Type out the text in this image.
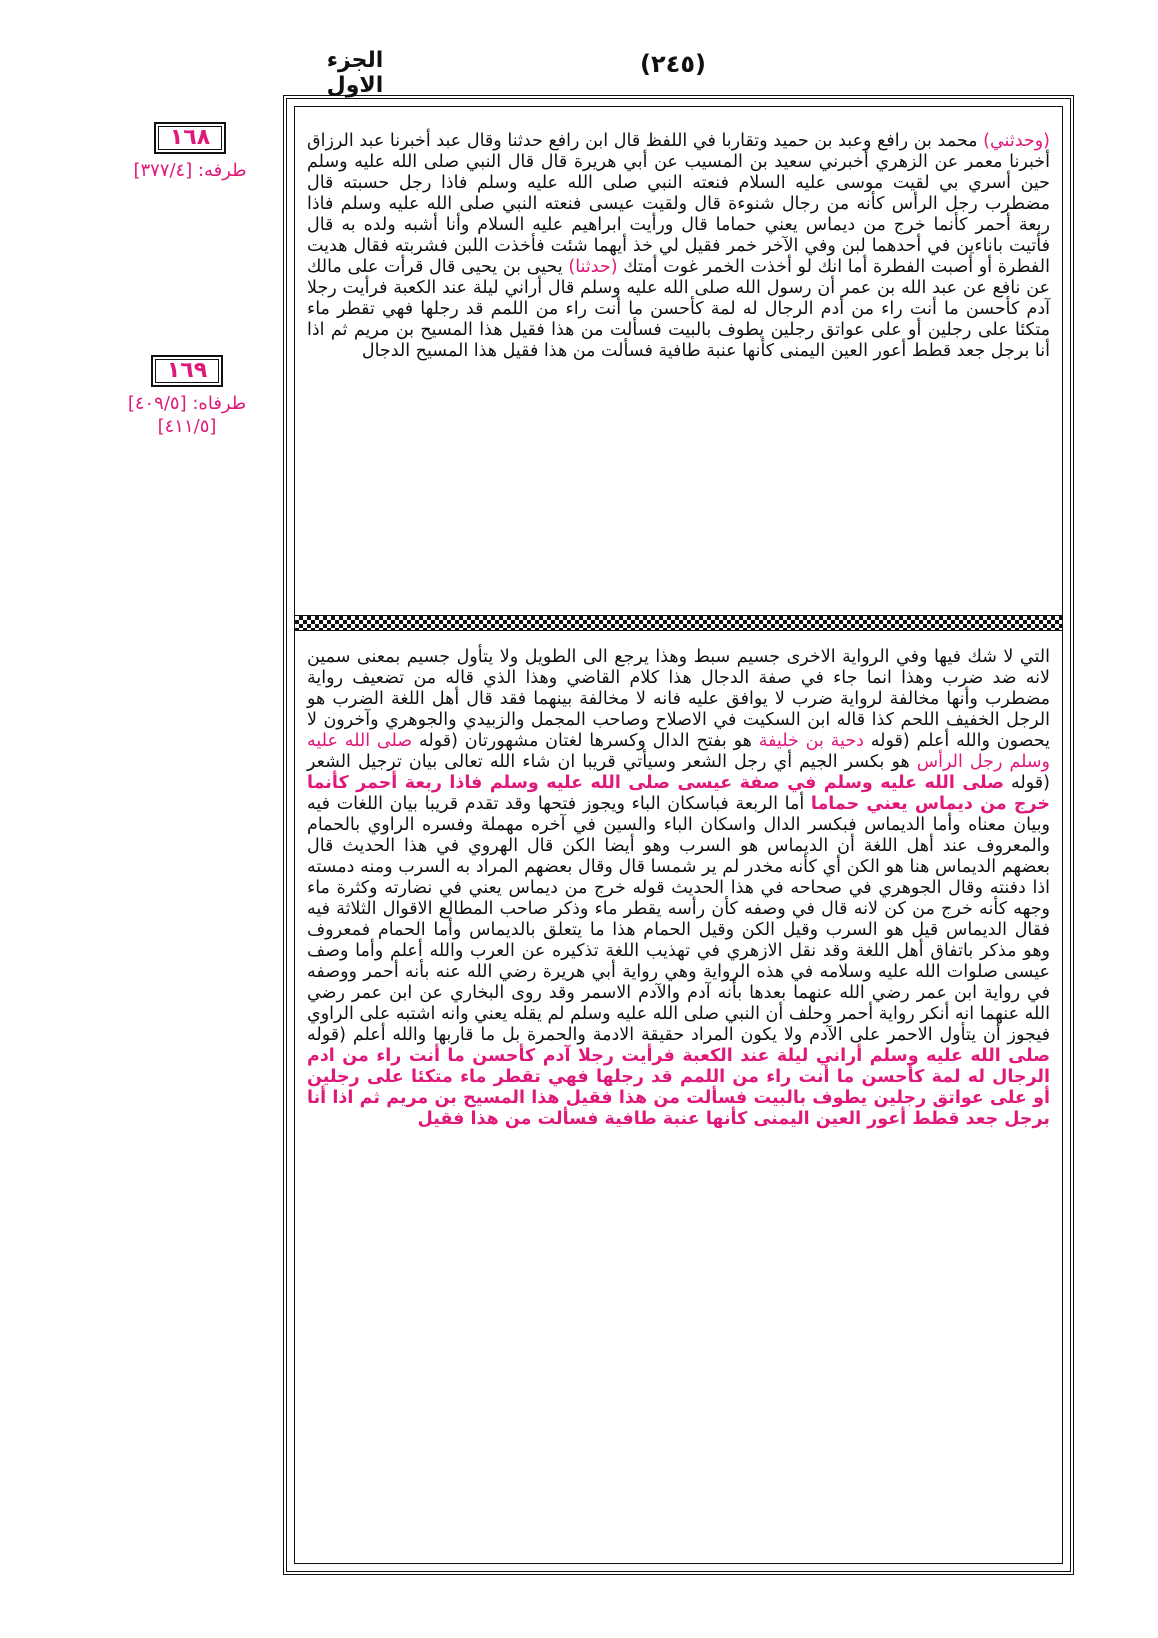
الجزء الاول
(٢٤٥)
١٦٨
طرفه: [٣٧٧/٤]
١٦٩
طرفاه: [٤٠٩/٥]
[٤١١/٥]

(وحدثني) محمد بن رافع وعبد بن حميد وتقاربا في اللفظ قال ابن رافع حدثنا وقال عبد أخبرنا عبد الرزاق أخبرنا معمر عن الزهري أخبرني سعيد بن المسيب عن أبي هريرة قال قال النبي صلى الله عليه وسلم حين أسري بي لقيت موسى عليه السلام فنعته النبي صلى الله عليه وسلم فاذا رجل حسبته قال مضطرب رجل الرأس كأنه من رجال شنوءة قال ولقيت عيسى فنعته النبي صلى الله عليه وسلم فاذا ربعة أحمر كأنما خرج من ديماس يعني حماما قال ورأيت ابراهيم عليه السلام وأنا أشبه ولده به قال فأتيت باناءين في أحدهما لبن وفي الآخر خمر فقيل لي خذ أيهما شئت فأخذت اللبن فشربته فقال هديت الفطرة أو أصبت الفطرة أما انك لو أخذت الخمر غوت أمتك (حدثنا) يحيى بن يحيى قال قرأت على مالك عن نافع عن عبد الله بن عمر أن رسول الله صلى الله عليه وسلم قال أراني ليلة عند الكعبة فرأيت رجلا آدم كأحسن ما أنت راء من أدم الرجال له لمة كأحسن ما أنت راء من اللمم قد رجلها فهي تقطر ماء متكئا على رجلين أو على عواتق رجلين يطوف بالبيت فسألت من هذا فقيل هذا المسيح بن مريم ثم اذا أنا برجل جعد قطط أعور العين اليمنى كأنها عنبة طافية فسألت من هذا فقيل هذا المسيح الدجال

التي لا شك فيها وفي الرواية الاخرى جسيم سبط وهذا يرجع الى الطويل ولا يتأول جسيم بمعنى سمين لانه ضد ضرب وهذا انما جاء في صفة الدجال هذا كلام القاضي وهذا الذي قاله من تضعيف رواية مضطرب وأنها مخالفة لرواية ضرب لا يوافق عليه فانه لا مخالفة بينهما فقد قال أهل اللغة الضرب هو الرجل الخفيف اللحم كذا قاله ابن السكيت في الاصلاح وصاحب المجمل والزبيدي والجوهري وآخرون لا يحصون والله أعلم (قوله دحية بن خليفة هو بفتح الدال وكسرها لغتان مشهورتان (قوله صلى الله عليه وسلم رجل الرأس هو بكسر الجيم أي رجل الشعر وسيأتي قريبا ان شاء الله تعالى بيان ترجيل الشعر (قوله صلى الله عليه وسلم في صفة عيسى صلى الله عليه وسلم فاذا ربعة أحمر كأنما خرج من ديماس يعني حماما أما الربعة فباسكان الباء ويجوز فتحها وقد تقدم قريبا بيان اللغات فيه وبيان معناه وأما الديماس فبكسر الدال واسكان الباء والسين في آخره مهملة وفسره الراوي بالحمام والمعروف عند أهل اللغة أن الديماس هو السرب وهو أيضا الكن قال الهروي في هذا الحديث قال بعضهم الديماس هنا هو الكن أي كأنه مخدر لم ير شمسا قال وقال بعضهم المراد به السرب ومنه دمسته اذا دفنته وقال الجوهري في صحاحه في هذا الحديث قوله خرج من ديماس يعني في نضارته وكثرة ماء وجهه كأنه خرج من كن لانه قال في وصفه كأن رأسه يقطر ماء وذكر صاحب المطالع الاقوال الثلاثة فيه فقال الديماس قيل هو السرب وقيل الكن وقيل الحمام هذا ما يتعلق بالديماس وأما الحمام فمعروف وهو مذكر باتفاق أهل اللغة وقد نقل الازهري في تهذيب اللغة تذكيره عن العرب والله أعلم وأما وصف عيسى صلوات الله عليه وسلامه في هذه الرواية وهي رواية أبي هريرة رضي الله عنه بأنه أحمر ووصفه في رواية ابن عمر رضي الله عنهما بعدها بأنه آدم والآدم الاسمر وقد روى البخاري عن ابن عمر رضي الله عنهما انه أنكر رواية أحمر وحلف أن النبي صلى الله عليه وسلم لم يقله يعني وانه اشتبه على الراوي فيجوز أن يتأول الاحمر على الآدم ولا يكون المراد حقيقة الادمة والحمرة بل ما قاربها والله أعلم (قوله صلى الله عليه وسلم أراني ليلة عند الكعبة فرأيت رجلا آدم كأحسن ما أنت راء من ادم الرجال له لمة كأحسن ما أنت راء من اللمم قد رجلها فهي تقطر ماء متكئا على رجلين أو على عواتق رجلين يطوف بالبيت فسألت من هذا فقيل هذا المسيح بن مريم ثم اذا أنا برجل جعد قطط أعور العين اليمنى كأنها عنبة طافية فسألت من هذا فقيل
